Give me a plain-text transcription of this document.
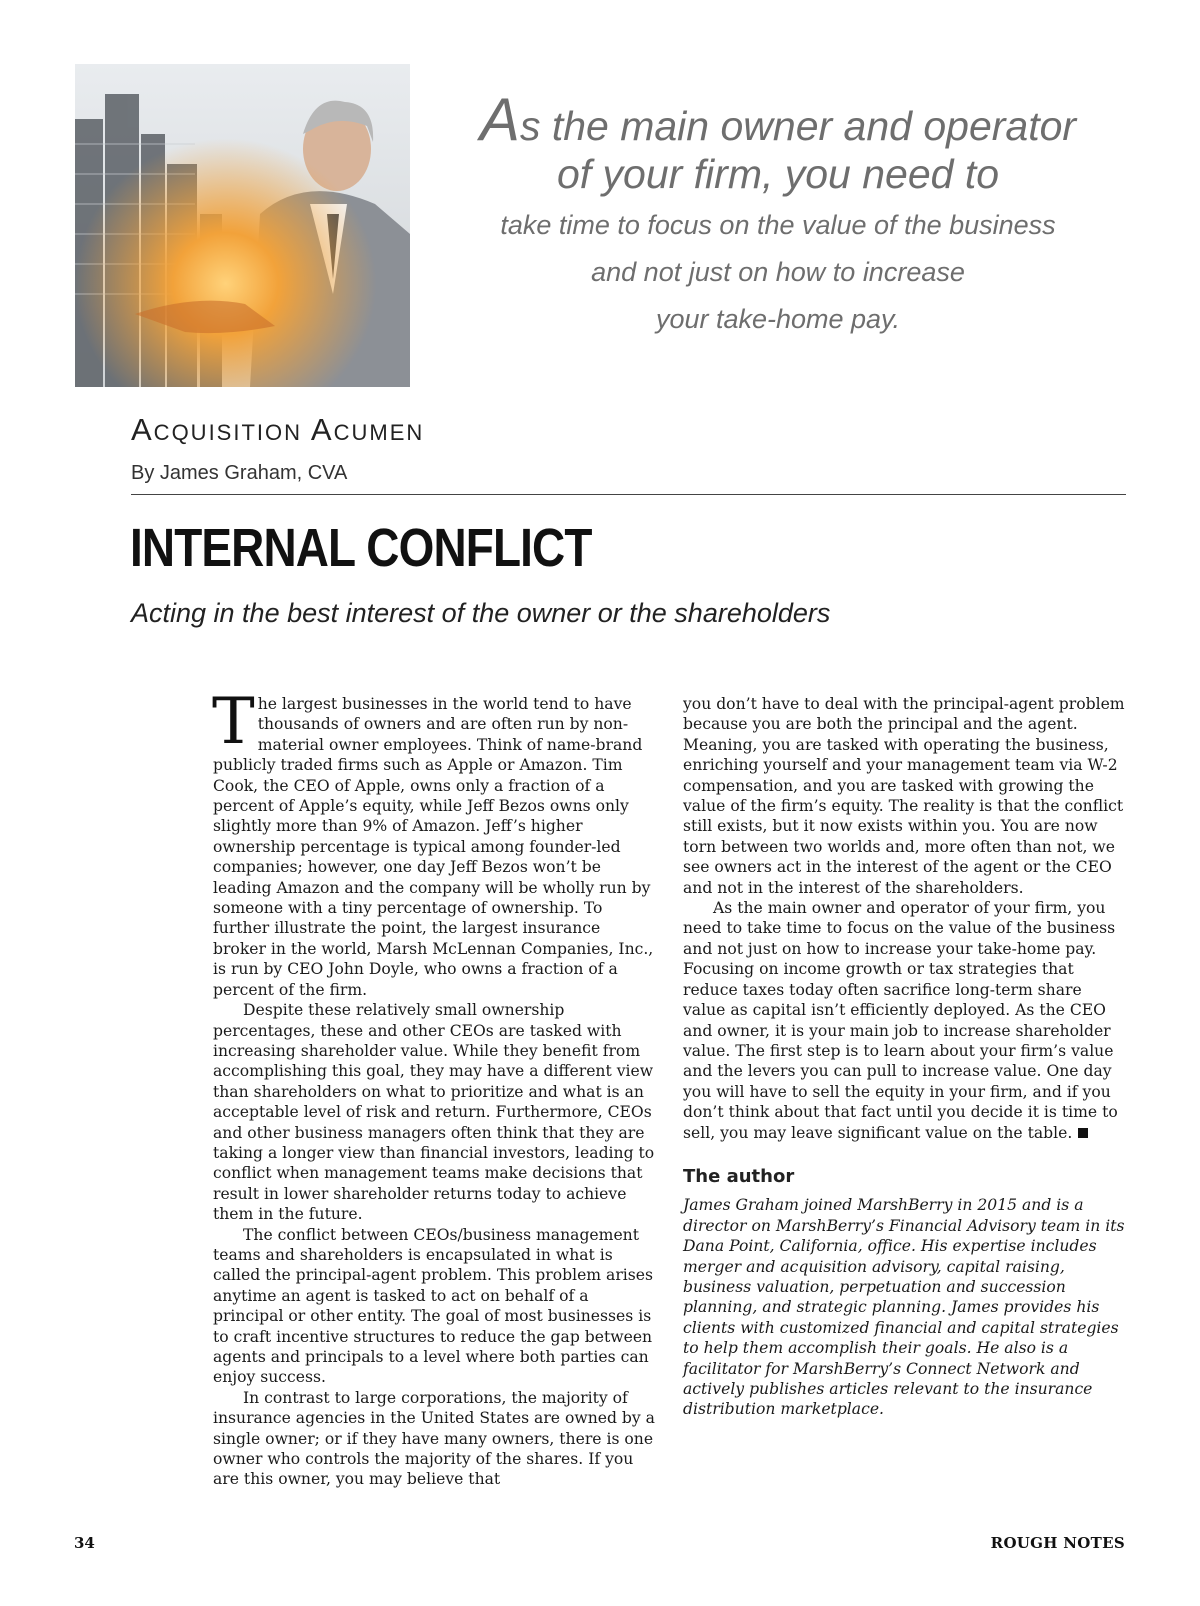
As the main owner and operator
of your firm, you need to
take time to focus on the value of the business
and not just on how to increase
your take-home pay.
Acquisition Acumen
By James Graham, CVA
INTERNAL CONFLICT
Acting in the best interest of the owner or the shareholders

The largest businesses in the world tend to have thousands of owners and are often run by non-material owner employees. Think of name-brand publicly traded firms such as Apple or Amazon. Tim Cook, the CEO of Apple, owns only a fraction of a percent of Apple’s equity, while Jeff Bezos owns only slightly more than 9% of Amazon. Jeff’s higher ownership percentage is typical among founder-led companies; however, one day Jeff Bezos won’t be leading Amazon and the company will be wholly run by someone with a tiny percentage of ownership. To further illustrate the point, the largest insurance broker in the world, Marsh McLennan Companies, Inc., is run by CEO John Doyle, who owns a fraction of a percent of the firm.

Despite these relatively small ownership percentages, these and other CEOs are tasked with increasing shareholder value. While they benefit from accomplishing this goal, they may have a different view than shareholders on what to prioritize and what is an acceptable level of risk and return. Furthermore, CEOs and other business managers often think that they are taking a longer view than financial investors, leading to conflict when management teams make decisions that result in lower shareholder returns today to achieve them in the future.

The conflict between CEOs/business management teams and shareholders is encapsulated in what is called the principal-agent problem. This problem arises anytime an agent is tasked to act on behalf of a principal or other entity. The goal of most businesses is to craft incentive structures to reduce the gap between agents and principals to a level where both parties can enjoy success.

In contrast to large corporations, the majority of insurance agencies in the United States are owned by a single owner; or if they have many owners, there is one owner who controls the majority of the shares. If you are this owner, you may believe that

you don’t have to deal with the principal-agent problem because you are both the principal and the agent. Meaning, you are tasked with operating the business, enriching yourself and your management team via W-2 compensation, and you are tasked with growing the value of the firm’s equity. The reality is that the conflict still exists, but it now exists within you. You are now torn between two worlds and, more often than not, we see owners act in the interest of the agent or the CEO and not in the interest of the shareholders.

As the main owner and operator of your firm, you need to take time to focus on the value of the business and not just on how to increase your take-home pay. Focusing on income growth or tax strategies that reduce taxes today often sacrifice long-term share value as capital isn’t efficiently deployed. As the CEO and owner, it is your main job to increase shareholder value. The first step is to learn about your firm’s value and the levers you can pull to increase value. One day you will have to sell the equity in your firm, and if you don’t think about that fact until you decide it is time to sell, you may leave significant value on the table.

The author

James Graham joined MarshBerry in 2015 and is a director on MarshBerry’s Financial Advisory team in its Dana Point, California, office. His expertise includes merger and acquisition advisory, capital raising, business valuation, perpetuation and succession planning, and strategic planning. James provides his clients with customized financial and capital strategies to help them accomplish their goals. He also is a facilitator for MarshBerry’s Connect Network and actively publishes articles relevant to the insurance distribution marketplace.

34	ROUGH NOTES
